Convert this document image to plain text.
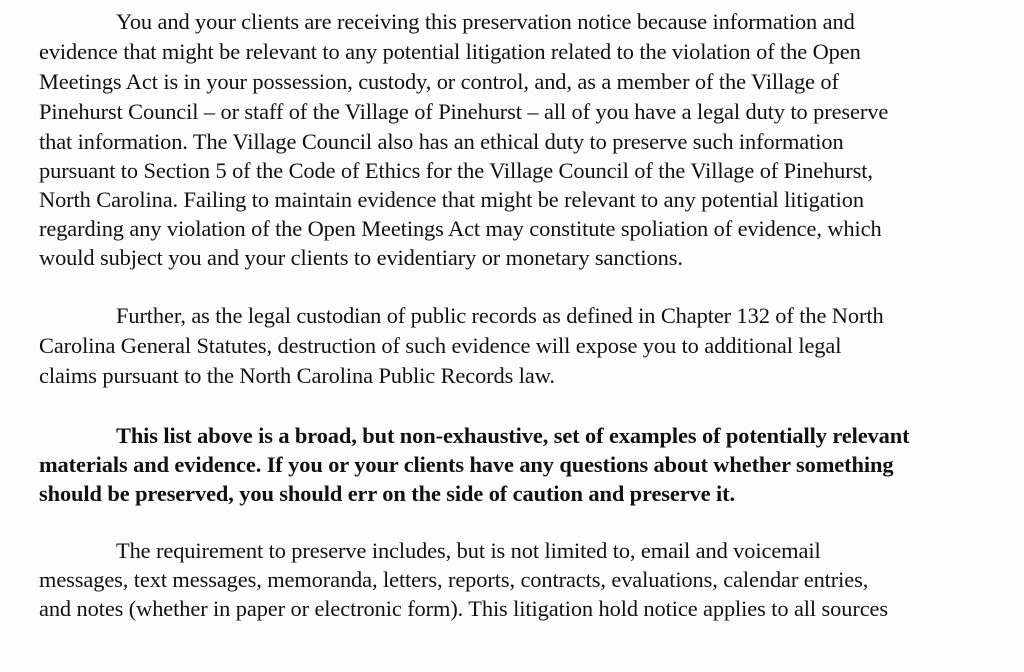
You and your clients are receiving this preservation notice because information and
evidence that might be relevant to any potential litigation related to the violation of the Open
Meetings Act is in your possession, custody, or control, and, as a member of the Village of
Pinehurst Council – or staff of the Village of Pinehurst – all of you have a legal duty to preserve
that information. The Village Council also has an ethical duty to preserve such information
pursuant to Section 5 of the Code of Ethics for the Village Council of the Village of Pinehurst,
North Carolina. Failing to maintain evidence that might be relevant to any potential litigation
regarding any violation of the Open Meetings Act may constitute spoliation of evidence, which
would subject you and your clients to evidentiary or monetary sanctions.
Further, as the legal custodian of public records as defined in Chapter 132 of the North
Carolina General Statutes, destruction of such evidence will expose you to additional legal
claims pursuant to the North Carolina Public Records law.
This list above is a broad, but non-exhaustive, set of examples of potentially relevant
materials and evidence. If you or your clients have any questions about whether something
should be preserved, you should err on the side of caution and preserve it.
The requirement to preserve includes, but is not limited to, email and voicemail
messages, text messages, memoranda, letters, reports, contracts, evaluations, calendar entries,
and notes (whether in paper or electronic form). This litigation hold notice applies to all sources
